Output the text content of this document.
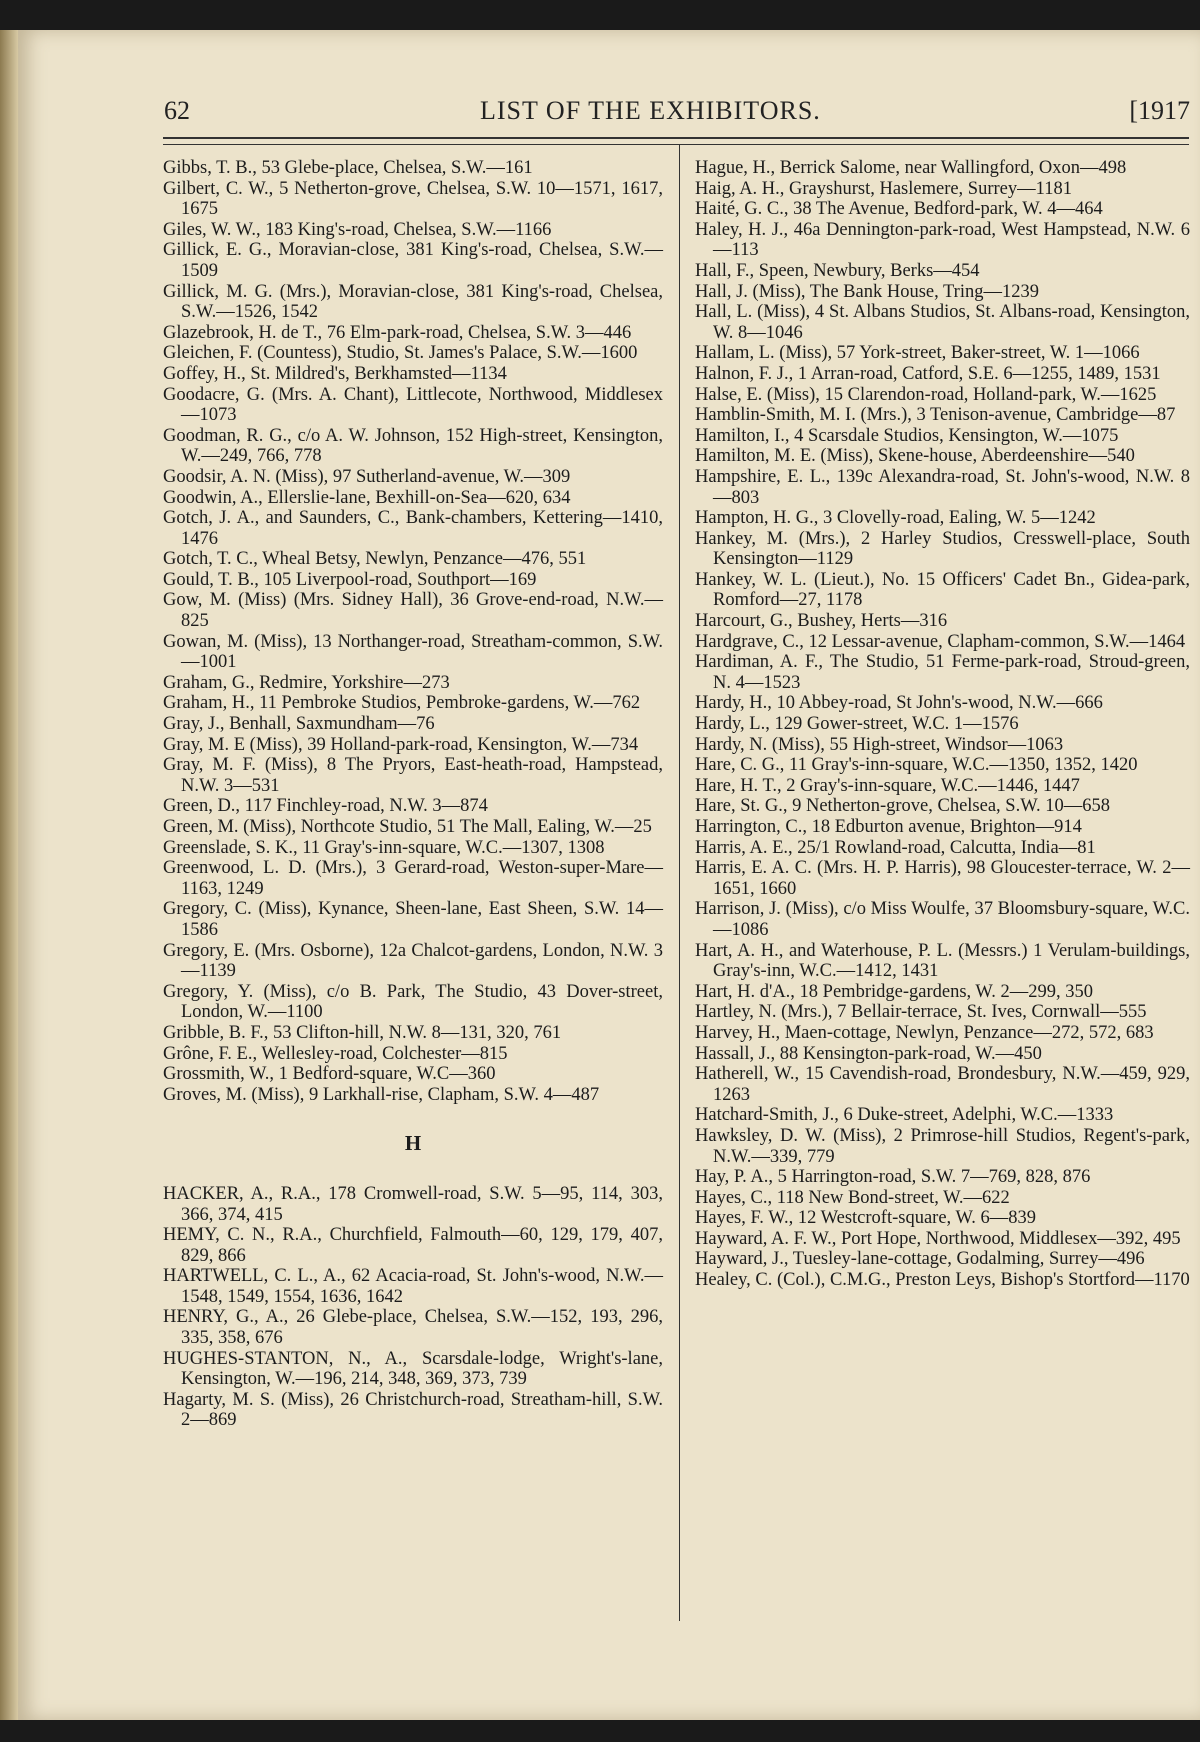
62	LIST OF THE EXHIBITORS.	[1917

Gibbs, T. B., 53 Glebe-place, Chelsea, S.W.—161

Gilbert, C. W., 5 Netherton-grove, Chelsea, S.W. 10—1571, 1617, 1675

Giles, W. W., 183 King's-road, Chelsea, S.W.—1166

Gillick, E. G., Moravian-close, 381 King's-road, Chelsea, S.W.—1509

Gillick, M. G. (Mrs.), Moravian-close, 381 King's-road, Chelsea, S.W.—1526, 1542

Glazebrook, H. de T., 76 Elm-park-road, Chelsea, S.W. 3—446

Gleichen, F. (Countess), Studio, St. James's Palace, S.W.—1600

Goffey, H., St. Mildred's, Berkhamsted—1134

Goodacre, G. (Mrs. A. Chant), Littlecote, Northwood, Middlesex—1073

Goodman, R. G., c/o A. W. Johnson, 152 High-street, Kensington, W.—249, 766, 778

Goodsir, A. N. (Miss), 97 Sutherland-avenue, W.—309

Goodwin, A., Ellerslie-lane, Bexhill-on-Sea—620, 634

Gotch, J. A., and Saunders, C., Bank-chambers, Kettering—1410, 1476

Gotch, T. C., Wheal Betsy, Newlyn, Penzance—476, 551

Gould, T. B., 105 Liverpool-road, Southport—169

Gow, M. (Miss) (Mrs. Sidney Hall), 36 Grove-end-road, N.W.—825

Gowan, M. (Miss), 13 Northanger-road, Streatham-common, S.W.—1001

Graham, G., Redmire, Yorkshire—273

Graham, H., 11 Pembroke Studios, Pembroke-gardens, W.—762

Gray, J., Benhall, Saxmundham—76

Gray, M. E (Miss), 39 Holland-park-road, Kensington, W.—734

Gray, M. F. (Miss), 8 The Pryors, East-heath-road, Hampstead, N.W. 3—531

Green, D., 117 Finchley-road, N.W. 3—874

Green, M. (Miss), Northcote Studio, 51 The Mall, Ealing, W.—25

Greenslade, S. K., 11 Gray's-inn-square, W.C.—1307, 1308

Greenwood, L. D. (Mrs.), 3 Gerard-road, Weston-super-Mare—1163, 1249

Gregory, C. (Miss), Kynance, Sheen-lane, East Sheen, S.W. 14—1586

Gregory, E. (Mrs. Osborne), 12a Chalcot-gardens, London, N.W. 3—1139

Gregory, Y. (Miss), c/o B. Park, The Studio, 43 Dover-street, London, W.—1100

Gribble, B. F., 53 Clifton-hill, N.W. 8—131, 320, 761

Grône, F. E., Wellesley-road, Colchester—815

Grossmith, W., 1 Bedford-square, W.C—360

Groves, M. (Miss), 9 Larkhall-rise, Clapham, S.W. 4—487

H

HACKER, A., R.A., 178 Cromwell-road, S.W. 5—95, 114, 303, 366, 374, 415

HEMY, C. N., R.A., Churchfield, Falmouth—60, 129, 179, 407, 829, 866

HARTWELL, C. L., A., 62 Acacia-road, St. John's-wood, N.W.—1548, 1549, 1554, 1636, 1642

HENRY, G., A., 26 Glebe-place, Chelsea, S.W.—152, 193, 296, 335, 358, 676

HUGHES-STANTON, N., A., Scarsdale-lodge, Wright's-lane, Kensington, W.—196, 214, 348, 369, 373, 739

Hagarty, M. S. (Miss), 26 Christchurch-road, Streatham-hill, S.W. 2—869

Hague, H., Berrick Salome, near Wallingford, Oxon—498

Haig, A. H., Grayshurst, Haslemere, Surrey—1181

Haité, G. C., 38 The Avenue, Bedford-park, W. 4—464

Haley, H. J., 46a Dennington-park-road, West Hampstead, N.W. 6—113

Hall, F., Speen, Newbury, Berks—454

Hall, J. (Miss), The Bank House, Tring—1239

Hall, L. (Miss), 4 St. Albans Studios, St. Albans-road, Kensington, W. 8—1046

Hallam, L. (Miss), 57 York-street, Baker-street, W. 1—1066

Halnon, F. J., 1 Arran-road, Catford, S.E. 6—1255, 1489, 1531

Halse, E. (Miss), 15 Clarendon-road, Holland-park, W.—1625

Hamblin-Smith, M. I. (Mrs.), 3 Tenison-avenue, Cambridge—87

Hamilton, I., 4 Scarsdale Studios, Kensington, W.—1075

Hamilton, M. E. (Miss), Skene-house, Aberdeenshire—540

Hampshire, E. L., 139c Alexandra-road, St. John's-wood, N.W. 8—803

Hampton, H. G., 3 Clovelly-road, Ealing, W. 5—1242

Hankey, M. (Mrs.), 2 Harley Studios, Cresswell-place, South Kensington—1129

Hankey, W. L. (Lieut.), No. 15 Officers' Cadet Bn., Gidea-park, Romford—27, 1178

Harcourt, G., Bushey, Herts—316

Hardgrave, C., 12 Lessar-avenue, Clapham-common, S.W.—1464

Hardiman, A. F., The Studio, 51 Ferme-park-road, Stroud-green, N. 4—1523

Hardy, H., 10 Abbey-road, St John's-wood, N.W.—666

Hardy, L., 129 Gower-street, W.C. 1—1576

Hardy, N. (Miss), 55 High-street, Windsor—1063

Hare, C. G., 11 Gray's-inn-square, W.C.—1350, 1352, 1420

Hare, H. T., 2 Gray's-inn-square, W.C.—1446, 1447

Hare, St. G., 9 Netherton-grove, Chelsea, S.W. 10—658

Harrington, C., 18 Edburton avenue, Brighton—914

Harris, A. E., 25/1 Rowland-road, Calcutta, India—81

Harris, E. A. C. (Mrs. H. P. Harris), 98 Gloucester-terrace, W. 2—1651, 1660

Harrison, J. (Miss), c/o Miss Woulfe, 37 Bloomsbury-square, W.C.—1086

Hart, A. H., and Waterhouse, P. L. (Messrs.) 1 Verulam-buildings, Gray's-inn, W.C.—1412, 1431

Hart, H. d'A., 18 Pembridge-gardens, W. 2—299, 350

Hartley, N. (Mrs.), 7 Bellair-terrace, St. Ives, Cornwall—555

Harvey, H., Maen-cottage, Newlyn, Penzance—272, 572, 683

Hassall, J., 88 Kensington-park-road, W.—450

Hatherell, W., 15 Cavendish-road, Brondesbury, N.W.—459, 929, 1263

Hatchard-Smith, J., 6 Duke-street, Adelphi, W.C.—1333

Hawksley, D. W. (Miss), 2 Primrose-hill Studios, Regent's-park, N.W.—339, 779

Hay, P. A., 5 Harrington-road, S.W. 7—769, 828, 876

Hayes, C., 118 New Bond-street, W.—622

Hayes, F. W., 12 Westcroft-square, W. 6—839

Hayward, A. F. W., Port Hope, Northwood, Middlesex—392, 495

Hayward, J., Tuesley-lane-cottage, Godalming, Surrey—496

Healey, C. (Col.), C.M.G., Preston Leys, Bishop's Stortford—1170
